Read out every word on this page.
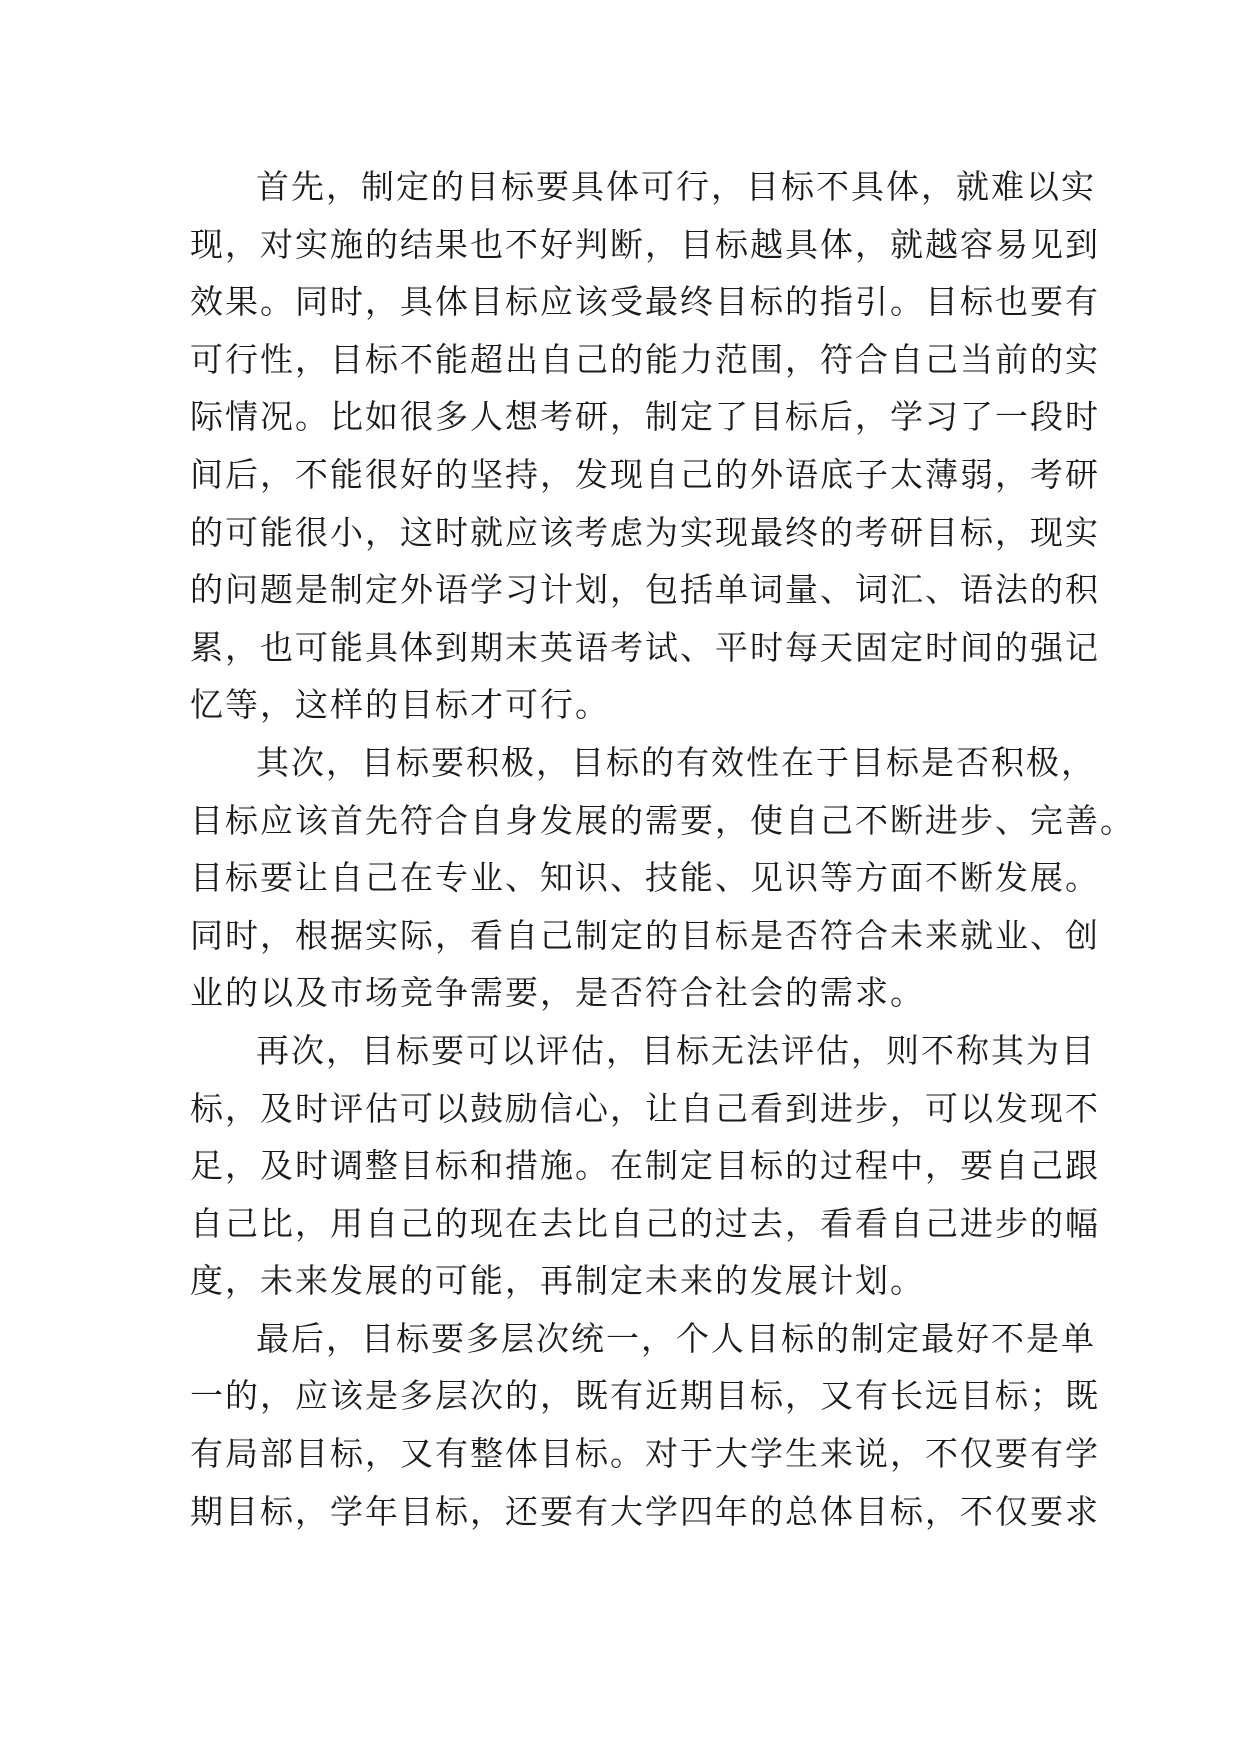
首先，制定的目标要具体可行，目标不具体，就难以实
现，对实施的结果也不好判断，目标越具体，就越容易见到
效果。同时，具体目标应该受最终目标的指引。目标也要有
可行性，目标不能超出自己的能力范围，符合自己当前的实
际情况。比如很多人想考研，制定了目标后，学习了一段时
间后，不能很好的坚持，发现自己的外语底子太薄弱，考研
的可能很小，这时就应该考虑为实现最终的考研目标，现实
的问题是制定外语学习计划，包括单词量、词汇、语法的积
累，也可能具体到期末英语考试、平时每天固定时间的强记
忆等，这样的目标才可行。
其次，目标要积极，目标的有效性在于目标是否积极，
目标应该首先符合自身发展的需要，使自己不断进步、完善。
目标要让自己在专业、知识、技能、见识等方面不断发展。
同时，根据实际，看自己制定的目标是否符合未来就业、创
业的以及市场竞争需要，是否符合社会的需求。
再次，目标要可以评估，目标无法评估，则不称其为目
标，及时评估可以鼓励信心，让自己看到进步，可以发现不
足，及时调整目标和措施。在制定目标的过程中，要自己跟
自己比，用自己的现在去比自己的过去，看看自己进步的幅
度，未来发展的可能，再制定未来的发展计划。
最后，目标要多层次统一，个人目标的制定最好不是单
一的，应该是多层次的，既有近期目标，又有长远目标；既
有局部目标，又有整体目标。对于大学生来说，不仅要有学
期目标，学年目标，还要有大学四年的总体目标，不仅要求
